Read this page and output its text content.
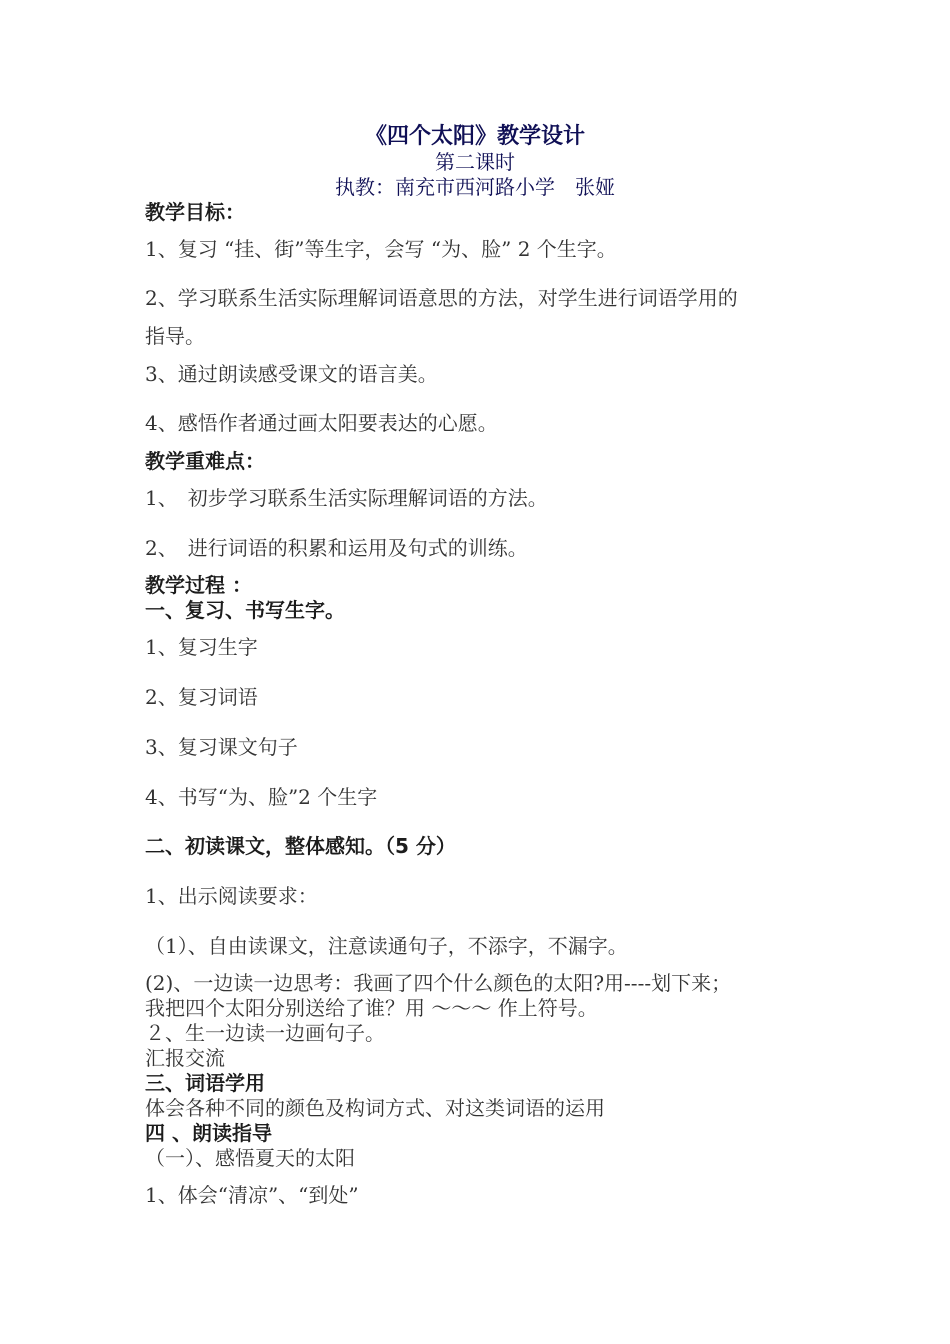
《四个太阳》教学设计
第二课时
执教：南充市西河路小学　张娅
教学目标：
1、复习 “挂、街”等生字，会写 “为、脸” 2 个生字。
2、学习联系生活实际理解词语意思的方法，对学生进行词语学用的
指导。
3、通过朗读感受课文的语言美。
4、感悟作者通过画太阳要表达的心愿。
教学重难点：
1、　初步学习联系生活实际理解词语的方法。
2、　进行词语的积累和运用及句式的训练。
教学过程 ：
一、复习、书写生字。
1、复习生字
2、复习词语
3、复习课文句子
4、书写“为、脸”2 个生字
二、初读课文，整体感知。（5 分）
1、出示阅读要求：
（1）、自由读课文，注意读通句子，不添字，不漏字。
(2)、一边读一边思考：我画了四个什么颜色的太阳?用----划下来；
我把四个太阳分别送给了谁？用 ～～～ 作上符号。
２、生一边读一边画句子。
汇报交流
三、词语学用
体会各种不同的颜色及构词方式、对这类词语的运用
四 、朗读指导
（一）、感悟夏天的太阳
1、体会“清凉”、“到处”
